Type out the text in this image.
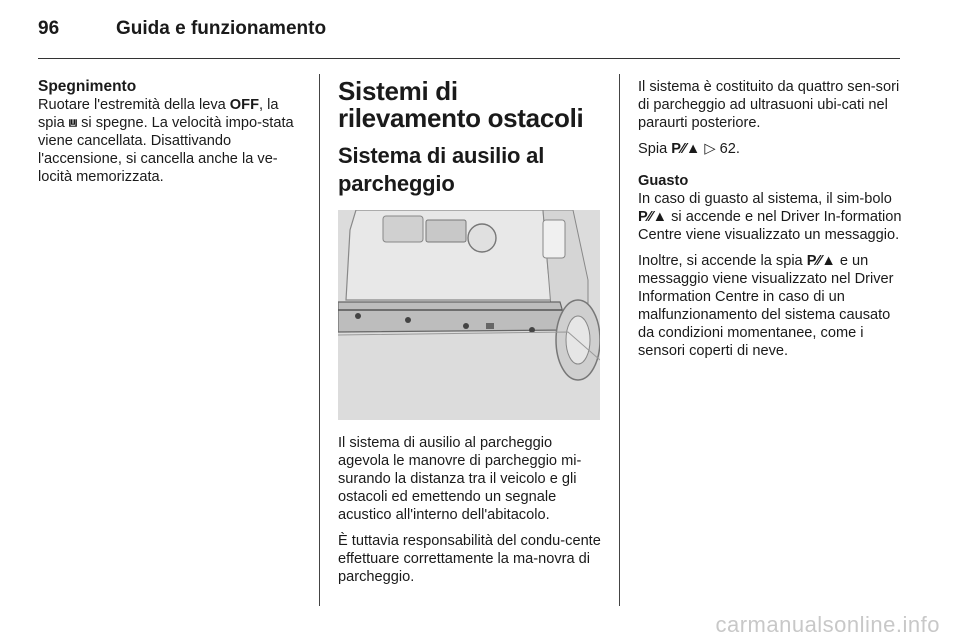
96	Guida e funzionamento
Spegnimento

Ruotare l'estremità della leva OFF, la spia ⩏ si spegne. La velocità impo-stata viene cancellata. Disattivando l'accensione, si cancella anche la ve-locità memorizzata.

Sistemi di rilevamento ostacoli
Sistema di ausilio al parcheggio

Il sistema di ausilio al parcheggio agevola le manovre di parcheggio mi-surando la distanza tra il veicolo e gli ostacoli ed emettendo un segnale acustico all'interno dell'abitacolo.

È tuttavia responsabilità del condu-cente effettuare correttamente la ma-novra di parcheggio.

Il sistema è costituito da quattro sen-sori di parcheggio ad ultrasuoni ubi-cati nel paraurti posteriore.

Spia P⁄⁄▲ ▷ 62.

Guasto

In caso di guasto al sistema, il sim-bolo P⁄⁄▲ si accende e nel Driver In-formation Centre viene visualizzato un messaggio.

Inoltre, si accende la spia P⁄⁄▲ e un messaggio viene visualizzato nel Driver Information Centre in caso di un malfunzionamento del sistema causato da condizioni momentanee, come i sensori coperti di neve.

carmanualsonline.info
